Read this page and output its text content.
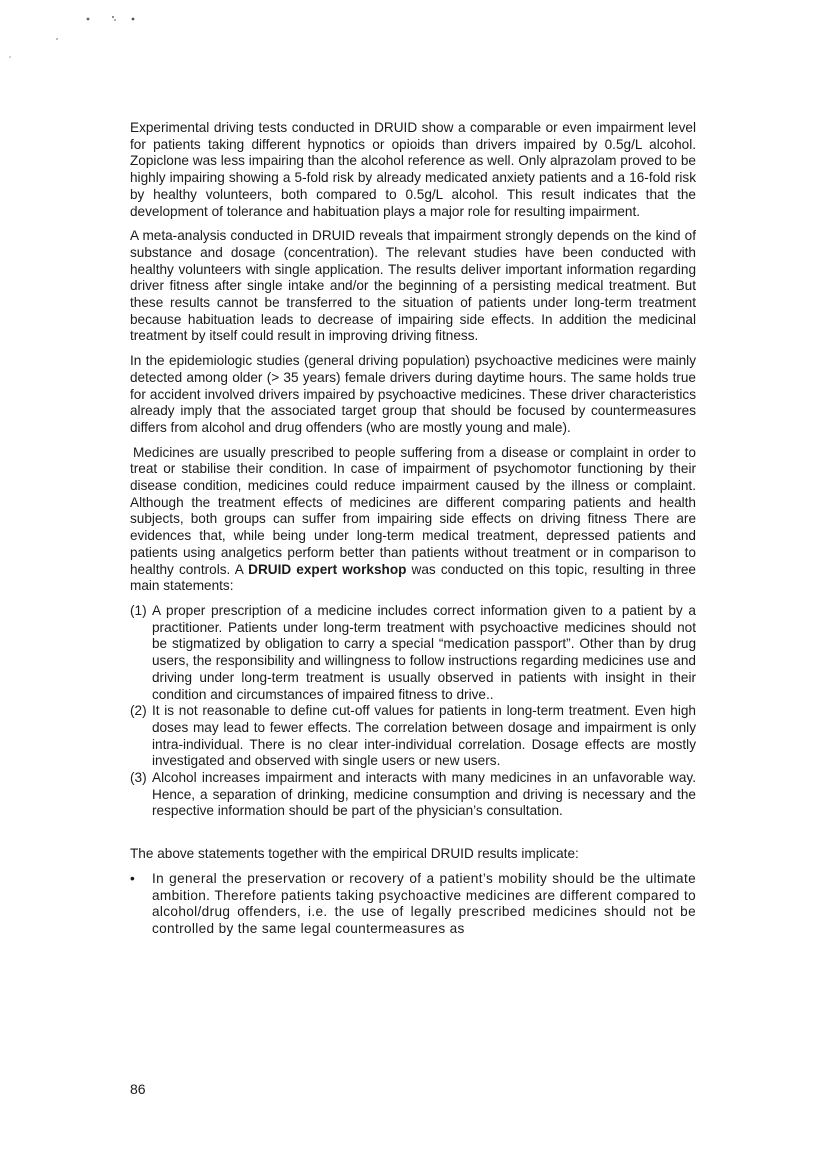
Experimental driving tests conducted in DRUID show a comparable or even impairment level for patients taking different hypnotics or opioids than drivers impaired by 0.5g/L alcohol. Zopiclone was less impairing than the alcohol reference as well. Only alprazolam proved to be highly impairing showing a 5-fold risk by already medicated anxiety patients and a 16-fold risk by healthy volunteers, both compared to 0.5g/L alcohol. This result indicates that the development of tolerance and habituation plays a major role for resulting impairment.

A meta-analysis conducted in DRUID reveals that impairment strongly depends on the kind of substance and dosage (concentration). The relevant studies have been conducted with healthy volunteers with single application. The results deliver important information regarding driver fitness after single intake and/or the beginning of a persisting medical treatment. But these results cannot be transferred to the situation of patients under long-term treatment because habituation leads to decrease of impairing side effects. In addition the medicinal treatment by itself could result in improving driving fitness.

In the epidemiologic studies (general driving population) psychoactive medicines were mainly detected among older (> 35 years) female drivers during daytime hours. The same holds true for accident involved drivers impaired by psychoactive medicines. These driver characteristics already imply that the associated target group that should be focused by countermeasures differs from alcohol and drug offenders (who are mostly young and male).

Medicines are usually prescribed to people suffering from a disease or complaint in order to treat or stabilise their condition. In case of impairment of psychomotor functioning by their disease condition, medicines could reduce impairment caused by the illness or complaint. Although the treatment effects of medicines are different comparing patients and health subjects, both groups can suffer from impairing side effects on driving fitness There are evidences that, while being under long-term medical treatment, depressed patients and patients using analgetics perform better than patients without treatment or in comparison to healthy controls. A DRUID expert workshop was conducted on this topic, resulting in three main statements:

(1) A proper prescription of a medicine includes correct information given to a patient by a practitioner. Patients under long-term treatment with psychoactive medicines should not be stigmatized by obligation to carry a special “medication passport”. Other than by drug users, the responsibility and willingness to follow instructions regarding medicines use and driving under long-term treatment is usually observed in patients with insight in their condition and circumstances of impaired fitness to drive..
(2) It is not reasonable to define cut-off values for patients in long-term treatment. Even high doses may lead to fewer effects. The correlation between dosage and impairment is only intra-individual. There is no clear inter-individual correlation. Dosage effects are mostly investigated and observed with single users or new users.
(3) Alcohol increases impairment and interacts with many medicines in an unfavorable way. Hence, a separation of drinking, medicine consumption and driving is necessary and the respective information should be part of the physician’s consultation.

The above statements together with the empirical DRUID results implicate:

• In general the preservation or recovery of a patient’s mobility should be the ultimate ambition. Therefore patients taking psychoactive medicines are different compared to alcohol/drug offenders, i.e. the use of legally prescribed medicines should not be controlled by the same legal countermeasures as
86
